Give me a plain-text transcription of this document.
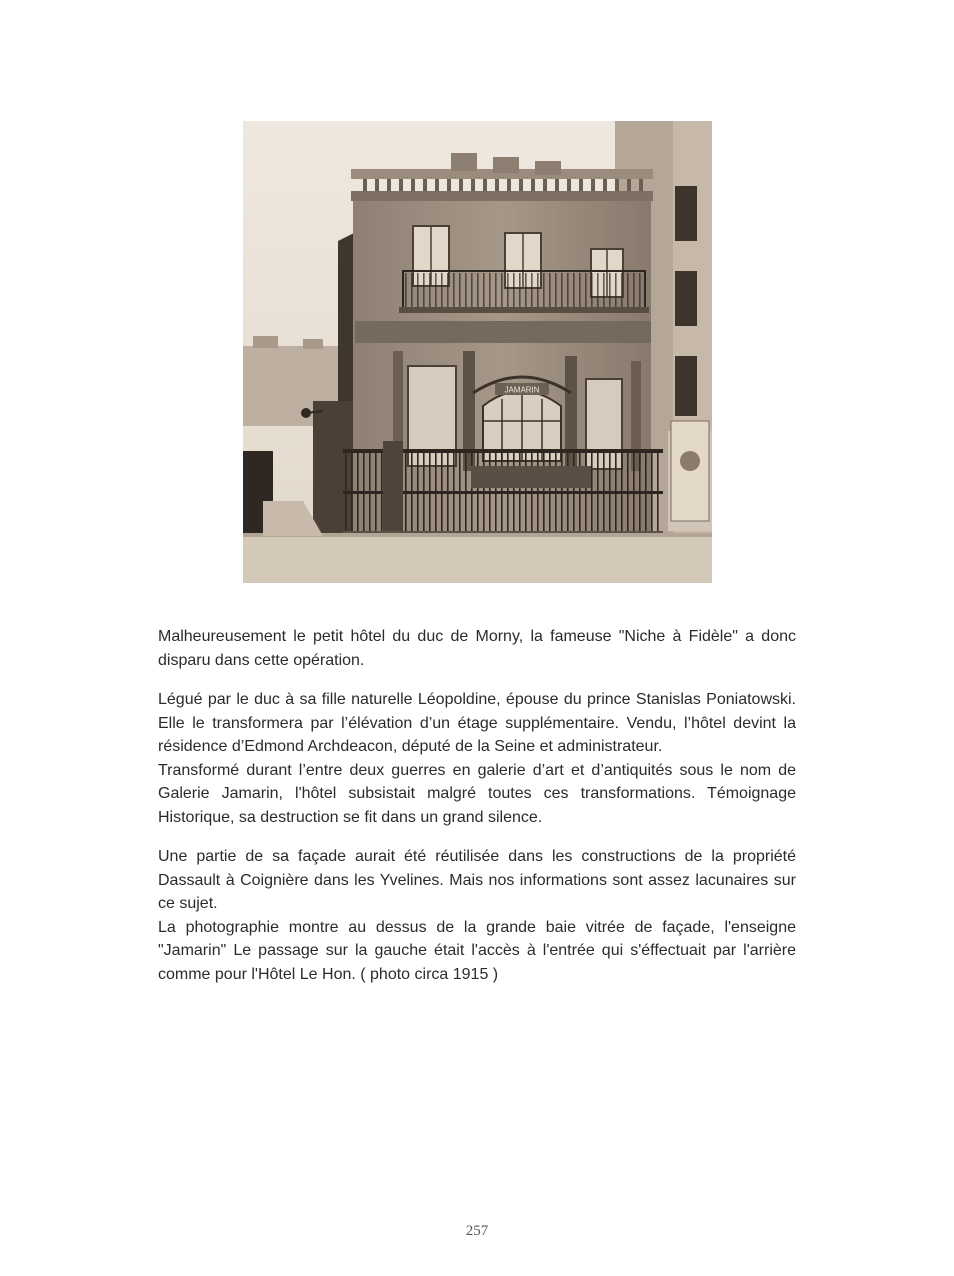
JAMARIN

Malheureusement le petit hôtel du duc de Morny, la fameuse "Niche à Fidèle" a donc disparu dans cette opération.

Légué par le duc à sa fille naturelle Léopoldine, épouse du prince Stanislas Poniatowski. Elle le transformera par l’élévation d’un étage supplémentaire. Vendu, l’hôtel devint la résidence d’Edmond Archdeacon, député de la Seine et administrateur.

Transformé durant l’entre deux guerres en galerie d’art et d’antiquités sous le nom de Galerie Jamarin, l'hôtel subsistait malgré toutes ces transformations. Témoignage Historique, sa destruction se fit dans un grand silence.

Une partie de sa façade aurait été réutilisée dans les constructions de la propriété Dassault à Coignière dans les Yvelines. Mais nos informations sont assez lacunaires sur ce sujet.

La photographie montre au dessus de la grande baie vitrée de façade, l'enseigne "Jamarin" Le passage sur la gauche était l'accès à l'entrée qui s'éffectuait par l'arrière comme pour l'Hôtel Le Hon. ( photo circa 1915 )

257
